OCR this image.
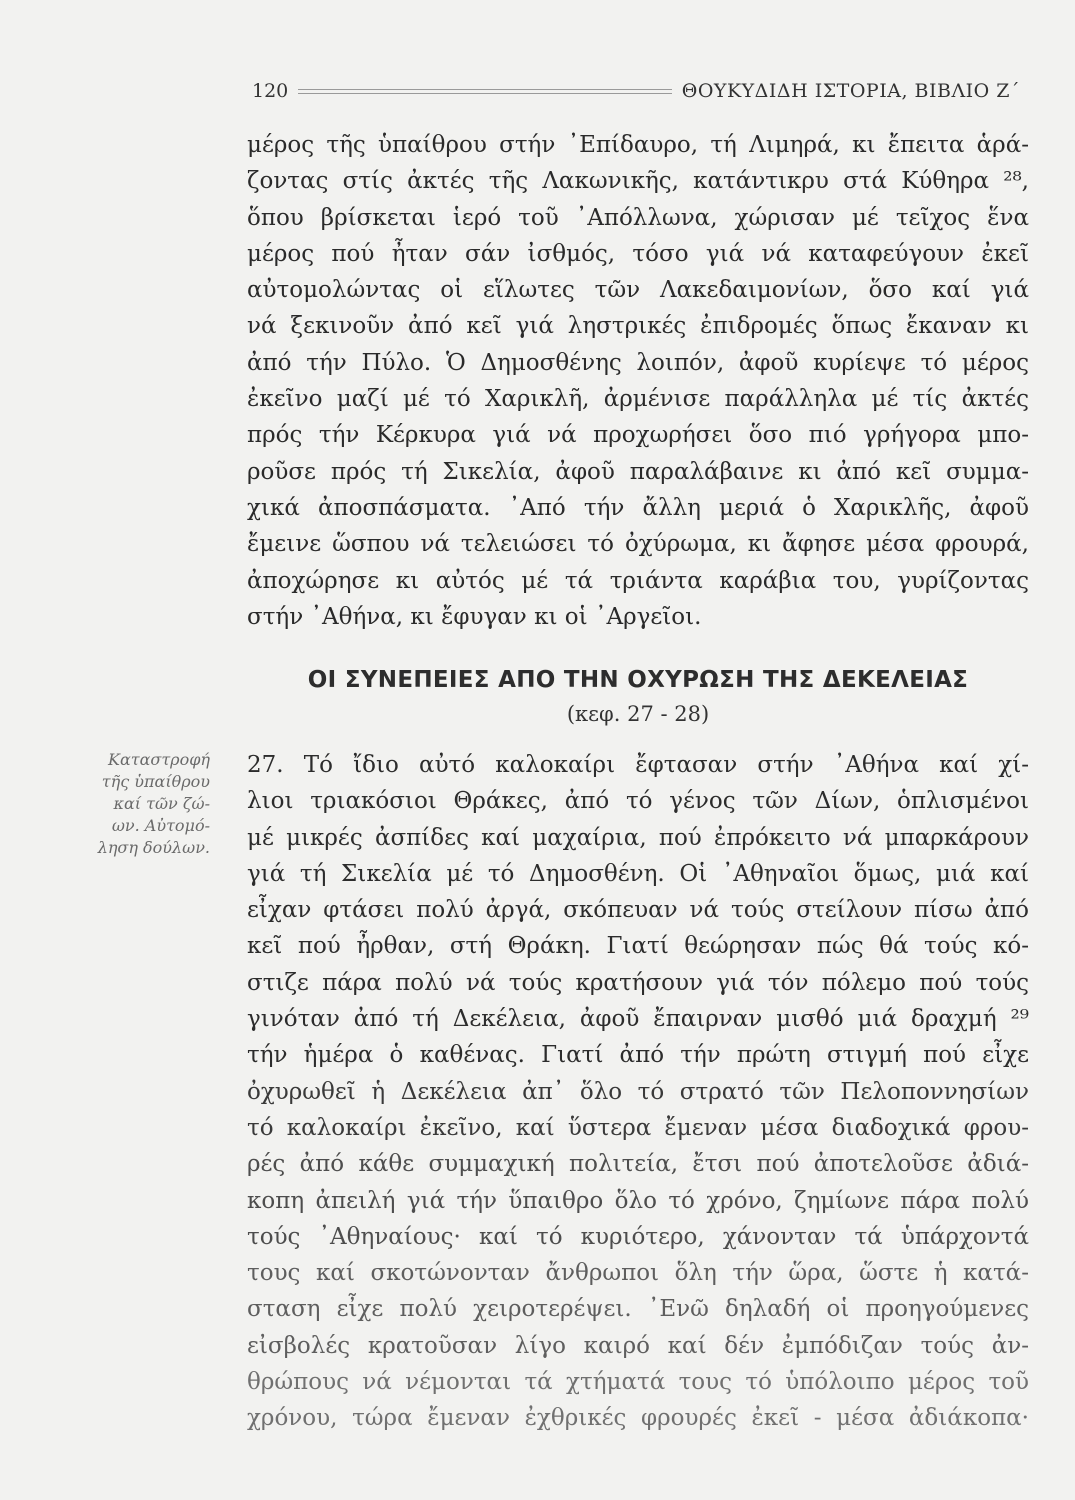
120	ΘΟΥΚΥΔΙΔΗ ΙΣΤΟΡΙΑ, ΒΙΒΛΙΟ Ζ΄
μέρος τῆς ὑπαίθρου στήν ᾿Επίδαυρο, τή Λιμηρά, κι ἔπειτα ἁρά-
ζοντας στίς ἀκτές τῆς Λακωνικῆς, κατάντικρυ στά Κύθηρα ²⁸,
ὅπου βρίσκεται ἱερό τοῦ ᾿Απόλλωνα, χώρισαν μέ τεῖχος ἕνα
μέρος πού ἦταν σάν ἰσθμός, τόσο γιά νά καταφεύγουν ἐκεῖ
αὐτομολώντας οἱ εἵλωτες τῶν Λακεδαιμονίων, ὅσο καί γιά
νά ξεκινοῦν ἀπό κεῖ γιά ληστρικές ἐπιδρομές ὅπως ἔκαναν κι
ἀπό τήν Πύλο. Ὁ Δημοσθένης λοιπόν, ἀφοῦ κυρίεψε τό μέρος
ἐκεῖνο μαζί μέ τό Χαρικλῆ, ἀρμένισε παράλληλα μέ τίς ἀκτές
πρός τήν Κέρκυρα γιά νά προχωρήσει ὅσο πιό γρήγορα μπο-
ροῦσε πρός τή Σικελία, ἀφοῦ παραλάβαινε κι ἀπό κεῖ συμμα-
χικά ἀποσπάσματα. ᾿Από τήν ἄλλη μεριά ὁ Χαρικλῆς, ἀφοῦ
ἔμεινε ὥσπου νά τελειώσει τό ὀχύρωμα, κι ἄφησε μέσα φρουρά,
ἀποχώρησε κι αὐτός μέ τά τριάντα καράβια του, γυρίζοντας
στήν ᾿Αθήνα, κι ἔφυγαν κι οἱ ᾿Αργεῖοι.
ΟΙ ΣΥΝΕΠΕΙΕΣ ΑΠΟ ΤΗΝ ΟΧΥΡΩΣΗ ΤΗΣ ΔΕΚΕΛΕΙΑΣ

(κεφ. 27 - 28)

Καταστροφή
τῆς ὑπαίθρου
καί τῶν ζώ-
ων. Αὐτομό-
ληση δούλων.
27. Τό ἴδιο αὐτό καλοκαίρι ἔφτασαν στήν ᾿Αθήνα καί χί-
λιοι τριακόσιοι Θράκες, ἀπό τό γένος τῶν Δίων, ὁπλισμένοι
μέ μικρές ἀσπίδες καί μαχαίρια, πού ἐπρόκειτο νά μπαρκάρουν
γιά τή Σικελία μέ τό Δημοσθένη. Οἱ ᾿Αθηναῖοι ὅμως, μιά καί
εἶχαν φτάσει πολύ ἀργά, σκόπευαν νά τούς στείλουν πίσω ἀπό
κεῖ πού ἦρθαν, στή Θράκη. Γιατί θεώρησαν πώς θά τούς κό-
στιζε πάρα πολύ νά τούς κρατήσουν γιά τόν πόλεμο πού τούς
γινόταν ἀπό τή Δεκέλεια, ἀφοῦ ἔπαιρναν μισθό μιά δραχμή ²⁹
τήν ἡμέρα ὁ καθένας. Γιατί ἀπό τήν πρώτη στιγμή πού εἶχε
ὀχυρωθεῖ ἡ Δεκέλεια ἀπ᾿ ὅλο τό στρατό τῶν Πελοποννησίων
τό καλοκαίρι ἐκεῖνο, καί ὕστερα ἔμεναν μέσα διαδοχικά φρου-
ρές ἀπό κάθε συμμαχική πολιτεία, ἔτσι πού ἀποτελοῦσε ἀδιά-
κοπη ἀπειλή γιά τήν ὕπαιθρο ὅλο τό χρόνο, ζημίωνε πάρα πολύ
τούς ᾿Αθηναίους· καί τό κυριότερο, χάνονταν τά ὑπάρχοντά
τους καί σκοτώνονταν ἄνθρωποι ὅλη τήν ὥρα, ὥστε ἡ κατά-
σταση εἶχε πολύ χειροτερέψει. ᾿Ενῶ δηλαδή οἱ προηγούμενες
εἰσβολές κρατοῦσαν λίγο καιρό καί δέν ἐμπόδιζαν τούς ἀν-
θρώπους νά νέμονται τά χτήματά τους τό ὑπόλοιπο μέρος τοῦ
χρόνου, τώρα ἔμεναν ἐχθρικές φρουρές ἐκεῖ - μέσα ἀδιάκοπα·
